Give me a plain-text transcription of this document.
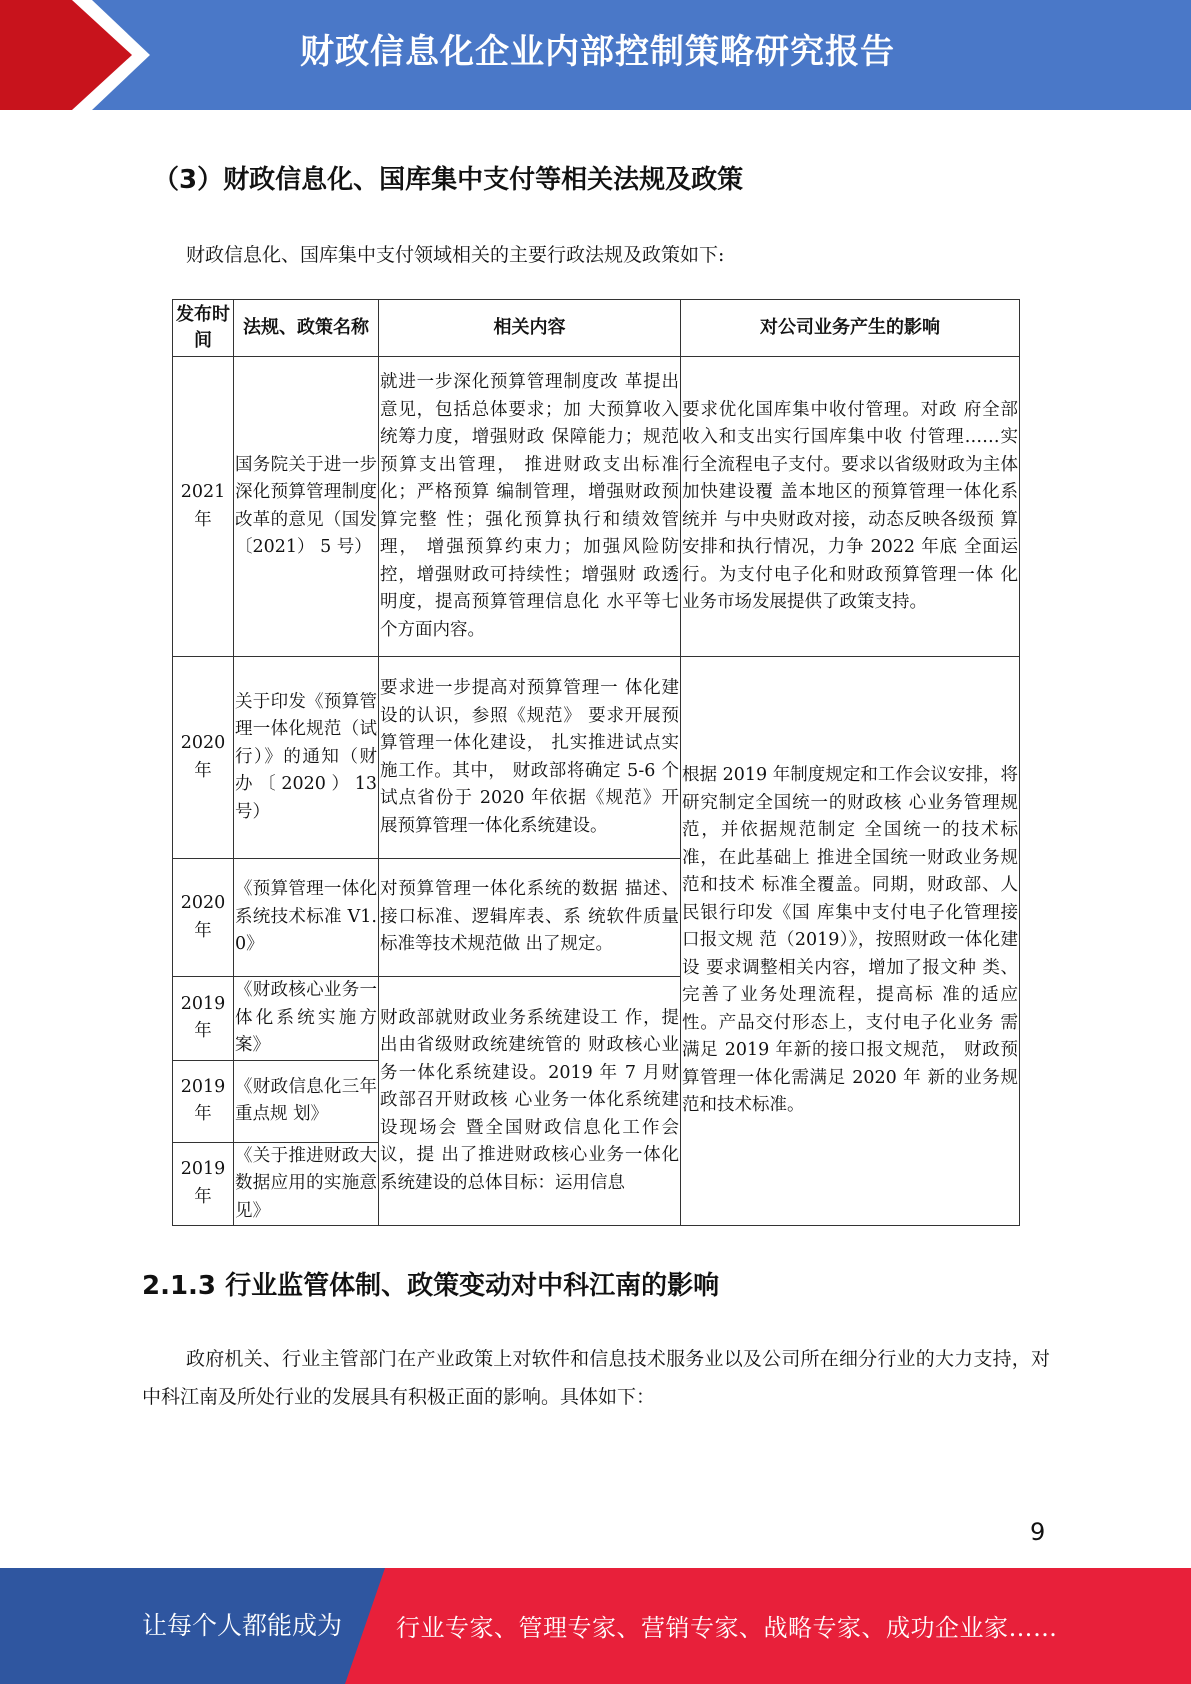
财政信息化企业内部控制策略研究报告
（3）财政信息化、国库集中支付等相关法规及政策
财政信息化、国库集中支付领域相关的主要行政法规及政策如下:
发布时间	法规、政策名称	相关内容	对公司业务产生的影响

2021
年	国务院关于进一步深化预算管理制度改革的意见（国发〔2021） 5 号）	就进一步深化预算管理制度改 革提出意见，包括总体要求；加 大预算收入统筹力度，增强财政 保障能力；规范预算支出管理， 推进财政支出标准化；严格预算 编制管理，增强财政预算完整 性；强化预算执行和绩效管理， 增强预算约束力；加强风险防 控，增强财政可持续性；增强财 政透明度，提高预算管理信息化 水平等七个方面内容。	要求优化国库集中收付管理。对政 府全部收入和支出实行国库集中收 付管理……实行全流程电子支付。要求以省级财政为主体加快建设覆 盖本地区的预算管理一体化系统并 与中央财政对接，动态反映各级预 算安排和执行情况，力争 2022 年底 全面运行。为支付电子化和财政预算管理一体 化业务市场发展提供了政策支持。

2020
年	关于印发《预算管理一体化规范（试行）》的通知（财办〔2020）13 号）	要求进一步提高对预算管理一 体化建设的认识，参照《规范》 要求开展预算管理一体化建设， 扎实推进试点实施工作。其中， 财政部将确定 5-6 个试点省份于 2020 年依据《规范》开展预算管理一体化系统建设。	根据 2019 年制度规定和工作会议安排，将研究制定全国统一的财政核 心业务管理规范，并依据规范制定 全国统一的技术标准，在此基础上 推进全国统一财政业务规范和技术 标准全覆盖。同期，财政部、人民银行印发《国 库集中支付电子化管理接口报文规 范（2019）》，按照财政一体化建设 要求调整相关内容，增加了报文种 类、完善了业务处理流程，提高标 准的适应性。产品交付形态上，支付电子化业务 需满足 2019 年新的接口报文规范， 财政预算管理一体化需满足 2020 年 新的业务规范和技术标准。

2020
年	《预算管理一体化系统技术标准 V1.0》	对预算管理一体化系统的数据 描述、接口标准、逻辑库表、系 统软件质量标准等技术规范做 出了规定。	

2019
年	《财政核心业务一体化系统实施方案》	财政部就财政业务系统建设工 作，提出由省级财政统建统管的 财政核心业务一体化系统建设。2019 年 7 月财政部召开财政核 心业务一体化系统建设现场会 暨全国财政信息化工作会议，提 出了推进财政核心业务一体化 系统建设的总体目标：运用信息	

2019
年	《财政信息化三年重点规 划》		

2019
年	《关于推进财政大数据应用的实施意见》		
2.1.3 行业监管体制、政策变动对中科江南的影响
政府机关、行业主管部门在产业政策上对软件和信息技术服务业以及公司所在细分行业的大力支持，对中科江南及所处行业的发展具有积极正面的影响。具体如下：
9
让每个人都能成为 行业专家、管理专家、营销专家、战略专家、成功企业家……
